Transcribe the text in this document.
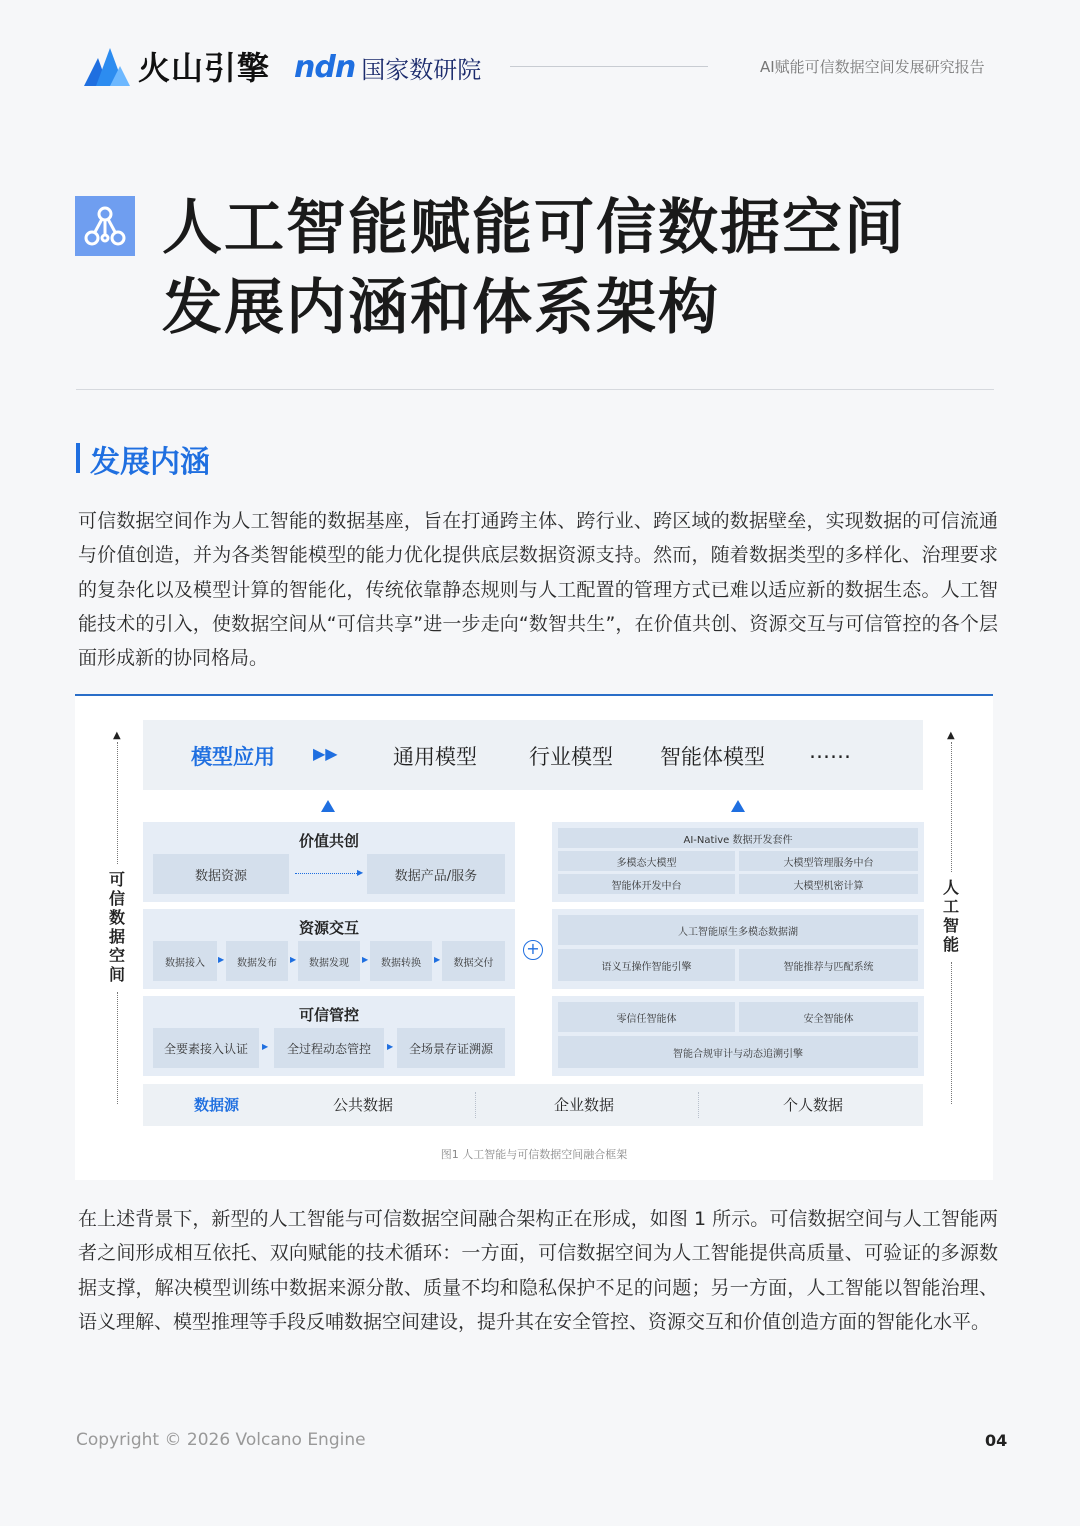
火山引擎 ndn 国家数研院	AI赋能可信数据空间发展研究报告
人工智能赋能可信数据空间
发展内涵和体系架构
发展内涵
可信数据空间作为人工智能的数据基座，旨在打通跨主体、跨行业、跨区域的数据壁垒，实现数据的可信流通与价值创造，并为各类智能模型的能力优化提供底层数据资源支持。然而，随着数据类型的多样化、治理要求的复杂化以及模型计算的智能化，传统依靠静态规则与人工配置的管理方式已难以适应新的数据生态。人工智能技术的引入，使数据空间从“可信共享”进一步走向“数智共生”，在价值共创、资源交互与可信管控的各个层面形成新的协同格局。
▲
可信数据空间
▲
人工智能
模型应用 ▶▶	通用模型 行业模型 智能体模型 ……
价值共创
数据资源	▶	数据产品/服务
资源交互
数据接入	▶	数据发布	▶	数据发现	▶	数据转换	▶	数据交付
可信管控
全要素接入认证	▶	全过程动态管控	▶	全场景存证溯源
+
AI-Native 数据开发套件
多模态大模型	大模型管理服务中台
智能体开发中台	大模型机密计算
人工智能原生多模态数据湖
语义互操作智能引擎	智能推荐与匹配系统
零信任智能体	安全智能体
智能合规审计与动态追溯引擎
数据源	公共数据	企业数据	个人数据
图1 人工智能与可信数据空间融合框架
在上述背景下，新型的人工智能与可信数据空间融合架构正在形成，如图 1 所示。可信数据空间与人工智能两者之间形成相互依托、双向赋能的技术循环：一方面，可信数据空间为人工智能提供高质量、可验证的多源数据支撑，解决模型训练中数据来源分散、质量不均和隐私保护不足的问题；另一方面，人工智能以智能治理、语义理解、模型推理等手段反哺数据空间建设，提升其在安全管控、资源交互和价值创造方面的智能化水平。
Copyright © 2026 Volcano Engine	04
